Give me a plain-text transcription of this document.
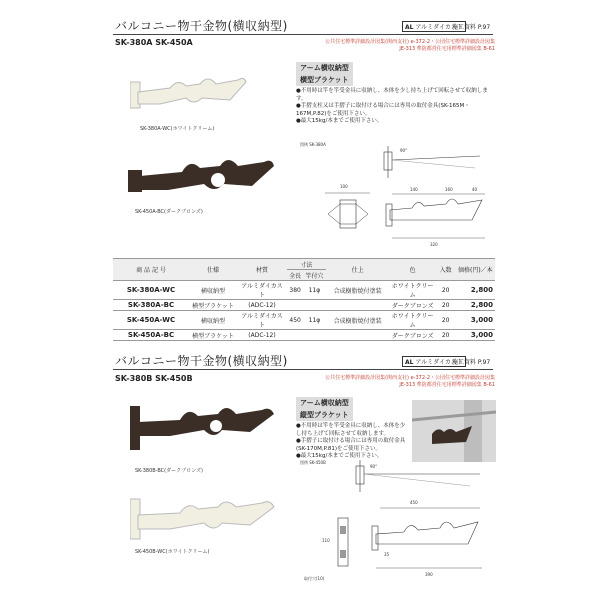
バルコニー物干金物(横収納型)	AL アルミダイカスト
施工資料 P.97
SK-380A SK-450A	公共住宅標準詳細設計図集(関西支社) e-372-2・公団住宅標準詳細設計図集
jE-313 準防都営住宅用標準詳細図集 B-61
SK-380A-WC(ホワイトクリーム)
SK-450A-BC(ダークブロンズ)
アーム横収納型
横型ブラケット
●不用時は竿を竿受金具に収納し、本体を少し持ち上げて回転させて収納します。
●手摺支柱又は手摺子に取付ける場合には専用の取付金具(SK-165M・167M,P.82)をご使用下さい。
●最大15kg/本までご使用下さい。
図例 SK-380A
90°
100
140	160	40
320
商 品 記 号	仕様	材質	寸法		仕上	色	入数	価格(円)／本
			全長	竿付穴				
SK-380A-WC	横収納型	アルミダイカスト	380	11φ	合成樹脂焼付塗装	ホワイトクリーム	20	2,800
SK-380A-BC	横型ブラケット	(ADC-12)				ダークブロンズ	20	2,800
SK-450A-WC	横収納型	アルミダイカスト	450	11φ	合成樹脂焼付塗装	ホワイトクリーム	20	3,000
SK-450A-BC	横型ブラケット	(ADC-12)				ダークブロンズ	20	3,000
バルコニー物干金物(横収納型)	AL アルミダイカスト
施工資料 P.97
SK-380B SK-450B	公共住宅標準詳細設計図集(関西支社) e-372-2・公団住宅標準詳細設計図集
jE-313 準防都営住宅用標準詳細図集 B-61
SK-380B-BC(ダークブロンズ)
SK-450B-WC(ホワイトクリーム)
アーム横収納型
縦型ブラケット
●不用時は竿を竿受金具に収納し、本体を少し持ち上げて回転させて収納します。
●手摺子に取付ける場合には専用の取付金具(SK-170M,P.81)をご使用下さい。
●最大15kg/本までご使用下さい。
図例 SK-450B
90°
450
110
35
390
取付穴(10)
